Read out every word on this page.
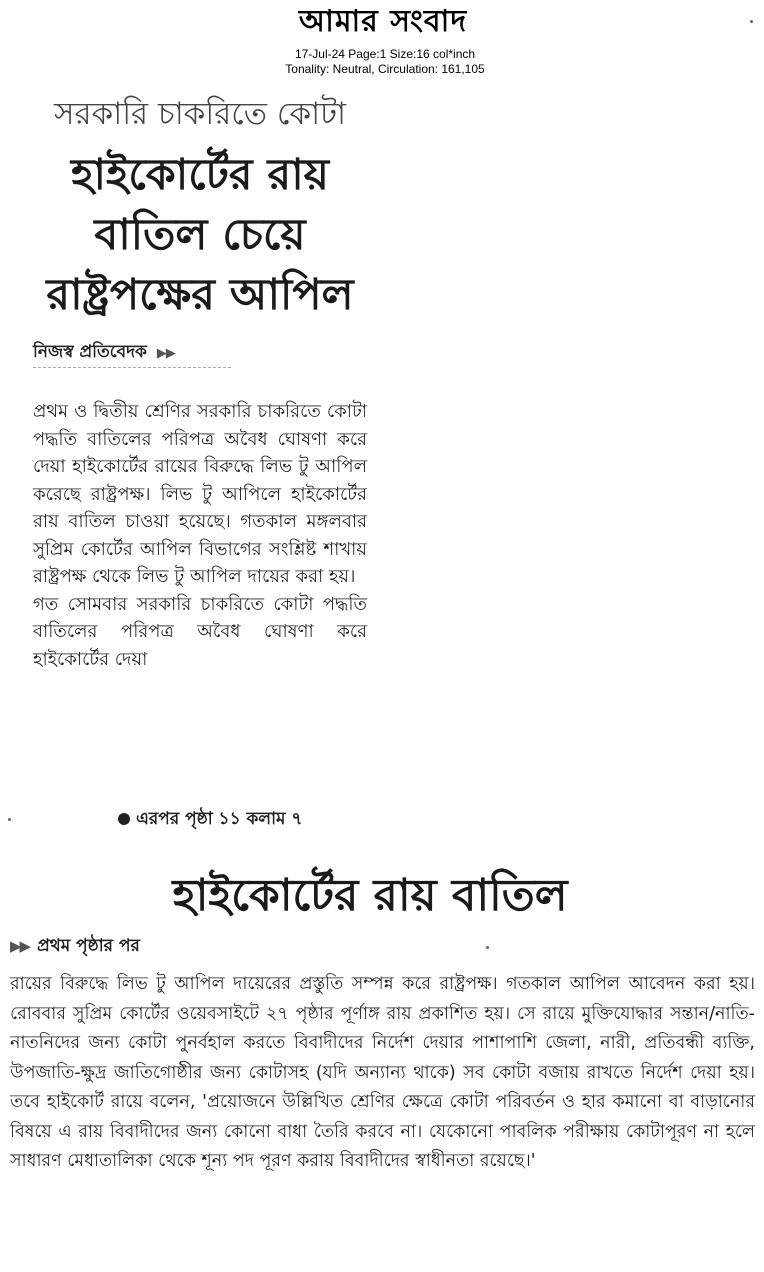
আমার সংবাদ
17-Jul-24 Page:1 Size:16 col*inch
Tonality: Neutral, Circulation: 161,105
সরকারি চাকরিতে কোটা
হাইকোর্টের রায়
বাতিল চেয়ে
রাষ্ট্রপক্ষের আপিল
নিজস্ব প্রতিবেদক ▶▶

প্রথম ও দ্বিতীয় শ্রেণির সরকারি চাকরিতে কোটা পদ্ধতি বাতিলের পরিপত্র অবৈধ ঘোষণা করে দেয়া হাইকোর্টের রায়ের বিরুদ্ধে লিভ টু আপিল করেছে রাষ্ট্রপক্ষ। লিভ টু আপিলে হাইকোর্টের রায় বাতিল চাওয়া হয়েছে। গতকাল মঙ্গলবার সুপ্রিম কোর্টের আপিল বিভাগের সংশ্লিষ্ট শাখায় রাষ্ট্রপক্ষ থেকে লিভ টু আপিল দায়ের করা হয়।

গত সোমবার সরকারি চাকরিতে কোটা পদ্ধতি বাতিলের পরিপত্র অবৈধ ঘোষণা করে হাইকোর্টের দেয়া

এরপর পৃষ্ঠা ১১ কলাম ৭
হাইকোর্টের রায় বাতিল
▶▶ প্রথম পৃষ্ঠার পর
রায়ের বিরুদ্ধে লিভ টু আপিল দায়েরের প্রস্তুতি সম্পন্ন করে রাষ্ট্রপক্ষ। গতকাল আপিল আবেদন করা হয়। রোববার সুপ্রিম কোর্টের ওয়েবসাইটে ২৭ পৃষ্ঠার পূর্ণাঙ্গ রায় প্রকাশিত হয়। সে রায়ে মুক্তিযোদ্ধার সন্তান/নাতি-নাতনিদের জন্য কোটা পুনর্বহাল করতে বিবাদীদের নির্দেশ দেয়ার পাশাপাশি জেলা, নারী, প্রতিবন্ধী ব্যক্তি, উপজাতি-ক্ষুদ্র জাতিগোষ্ঠীর জন্য কোটাসহ (যদি অন্যান্য থাকে) সব কোটা বজায় রাখতে নির্দেশ দেয়া হয়। তবে হাইকোর্ট রায়ে বলেন, 'প্রয়োজনে উল্লিখিত শ্রেণির ক্ষেত্রে কোটা পরিবর্তন ও হার কমানো বা বাড়ানোর বিষয়ে এ রায় বিবাদীদের জন্য কোনো বাধা তৈরি করবে না। যেকোনো পাবলিক পরীক্ষায় কোটাপূরণ না হলে সাধারণ মেধাতালিকা থেকে শূন্য পদ পূরণ করায় বিবাদীদের স্বাধীনতা রয়েছে।'
